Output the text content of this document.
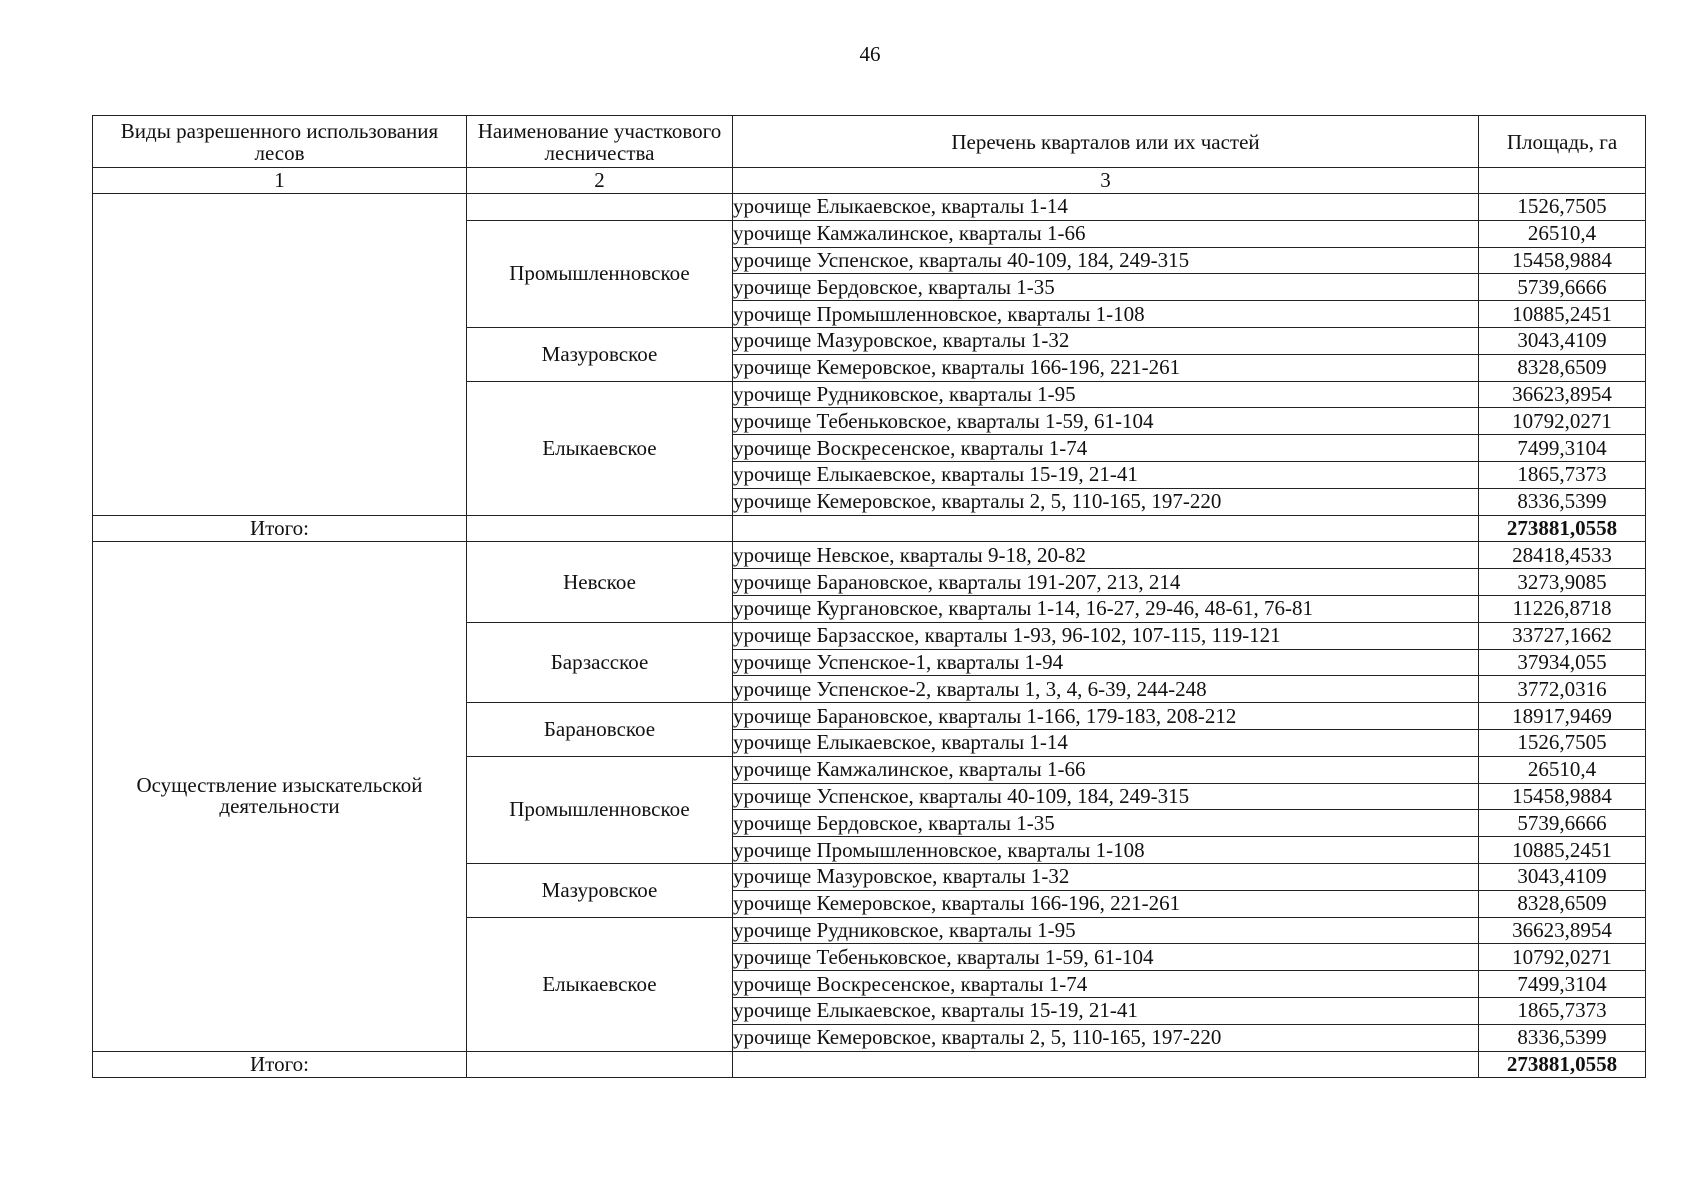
46
Виды разрешенного использования лесов	Наименование участкового лесничества	Перечень кварталов или их частей	Площадь, га
1	2	3	
		урочище Елыкаевское, кварталы 1-14	1526,7505
	Промышленновское	урочище Камжалинское, кварталы 1-66	26510,4
		урочище Успенское, кварталы 40-109, 184, 249-315	15458,9884
		урочище Бердовское, кварталы 1-35	5739,6666
		урочище Промышленновское, кварталы 1-108	10885,2451
	Мазуровское	урочище Мазуровское, кварталы 1-32	3043,4109
		урочище Кемеровское, кварталы 166-196, 221-261	8328,6509
	Елыкаевское	урочище Рудниковское, кварталы 1-95	36623,8954
		урочище Тебеньковское, кварталы 1-59, 61-104	10792,0271
		урочище Воскресенское, кварталы 1-74	7499,3104
		урочище Елыкаевское, кварталы 15-19, 21-41	1865,7373
		урочище Кемеровское, кварталы 2, 5, 110-165, 197-220	8336,5399
Итого:			273881,0558
Осуществление изыскательской деятельности	Невское	урочище Невское, кварталы 9-18, 20-82	28418,4533
		урочище Барановское, кварталы 191-207, 213, 214	3273,9085
		урочище Кургановское, кварталы 1-14, 16-27, 29-46, 48-61, 76-81	11226,8718
	Барзасское	урочище Барзасское, кварталы 1-93, 96-102, 107-115, 119-121	33727,1662
		урочище Успенское-1, кварталы 1-94	37934,055
		урочище Успенское-2, кварталы 1, 3, 4, 6-39, 244-248	3772,0316
	Барановское	урочище Барановское, кварталы 1-166, 179-183, 208-212	18917,9469
		урочище Елыкаевское, кварталы 1-14	1526,7505
	Промышленновское	урочище Камжалинское, кварталы 1-66	26510,4
		урочище Успенское, кварталы 40-109, 184, 249-315	15458,9884
		урочище Бердовское, кварталы 1-35	5739,6666
		урочище Промышленновское, кварталы 1-108	10885,2451
	Мазуровское	урочище Мазуровское, кварталы 1-32	3043,4109
		урочище Кемеровское, кварталы 166-196, 221-261	8328,6509
	Елыкаевское	урочище Рудниковское, кварталы 1-95	36623,8954
		урочище Тебеньковское, кварталы 1-59, 61-104	10792,0271
		урочище Воскресенское, кварталы 1-74	7499,3104
		урочище Елыкаевское, кварталы 15-19, 21-41	1865,7373
		урочище Кемеровское, кварталы 2, 5, 110-165, 197-220	8336,5399
Итого:			273881,0558
